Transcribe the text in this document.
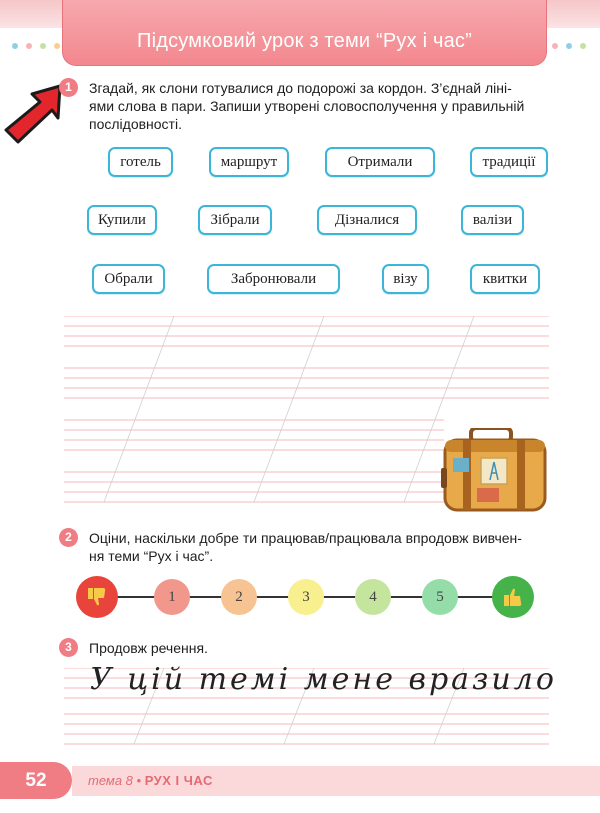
Підсумковий урок з теми “Рух і час”
1	Згадай, як слони готувалися до подорожі за кордон. З’єднай ліні-
ями слова в пари. Запиши утворені словосполучення у правильній
послідовності.
готель	маршрут	Отримали	традиції
Купили	Зібрали	Дізналися	валізи
Обрали	Забронювали	візу	квитки
2	Оціни, наскільки добре ти працював/працювала впродовж вивчен-
ня теми “Рух і час”.
1	2	3	4	5
3	Продовж речення.
У цій темі мене вразило
52	тема 8 • РУХ І ЧАС
